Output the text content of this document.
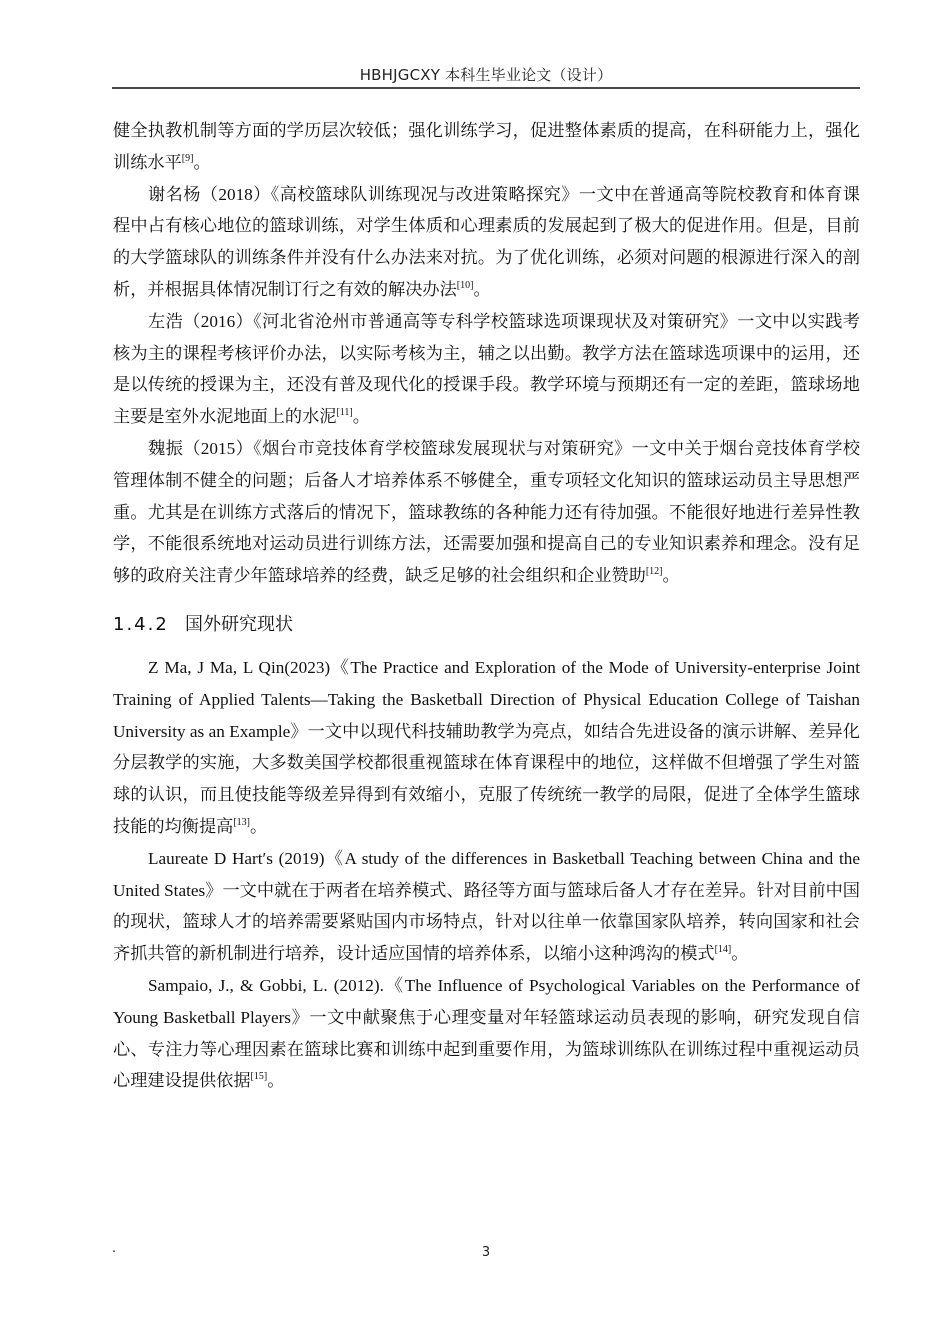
HBHJGCXY 本科生毕业论文（设计）

健全执教机制等方面的学历层次较低；强化训练学习，促进整体素质的提高，在科研能力上，强化训练水平[9]。

谢名杨（2018）《高校篮球队训练现况与改进策略探究》一文中在普通高等院校教育和体育课程中占有核心地位的篮球训练，对学生体质和心理素质的发展起到了极大的促进作用。但是，目前的大学篮球队的训练条件并没有什么办法来对抗。为了优化训练，必须对问题的根源进行深入的剖析，并根据具体情况制订行之有效的解决办法[10]。

左浩（2016）《河北省沧州市普通高等专科学校篮球选项课现状及对策研究》一文中以实践考核为主的课程考核评价办法，以实际考核为主，辅之以出勤。教学方法在篮球选项课中的运用，还是以传统的授课为主，还没有普及现代化的授课手段。教学环境与预期还有一定的差距，篮球场地主要是室外水泥地面上的水泥[11]。

魏振（2015）《烟台市竞技体育学校篮球发展现状与对策研究》一文中关于烟台竞技体育学校管理体制不健全的问题；后备人才培养体系不够健全，重专项轻文化知识的篮球运动员主导思想严重。尤其是在训练方式落后的情况下，篮球教练的各种能力还有待加强。不能很好地进行差异性教学，不能很系统地对运动员进行训练方法，还需要加强和提高自己的专业知识素养和理念。没有足够的政府关注青少年篮球培养的经费，缺乏足够的社会组织和企业赞助[12]。

1.4.2 国外研究现状

Z Ma, J Ma, L Qin(2023)《The Practice and Exploration of the Mode of University-enterprise Joint Training of Applied Talents—Taking the Basketball Direction of Physical Education College of Taishan University as an Example》一文中以现代科技辅助教学为亮点，如结合先进设备的演示讲解、差异化分层教学的实施，大多数美国学校都很重视篮球在体育课程中的地位，这样做不但增强了学生对篮球的认识，而且使技能等级差异得到有效缩小，克服了传统统一教学的局限，促进了全体学生篮球技能的均衡提高[13]。

Laureate D Hart′s (2019)《A study of the differences in Basketball Teaching between China and the United States》一文中就在于两者在培养模式、路径等方面与篮球后备人才存在差异。针对目前中国的现状，篮球人才的培养需要紧贴国内市场特点，针对以往单一依靠国家队培养，转向国家和社会齐抓共管的新机制进行培养，设计适应国情的培养体系，以缩小这种鸿沟的模式[14]。

Sampaio, J., & Gobbi, L. (2012).《The Influence of Psychological Variables on the Performance of Young Basketball Players》一文中献聚焦于心理变量对年轻篮球运动员表现的影响，研究发现自信心、专注力等心理因素在篮球比赛和训练中起到重要作用，为篮球训练队在训练过程中重视运动员心理建设提供依据[15]。

·	3
